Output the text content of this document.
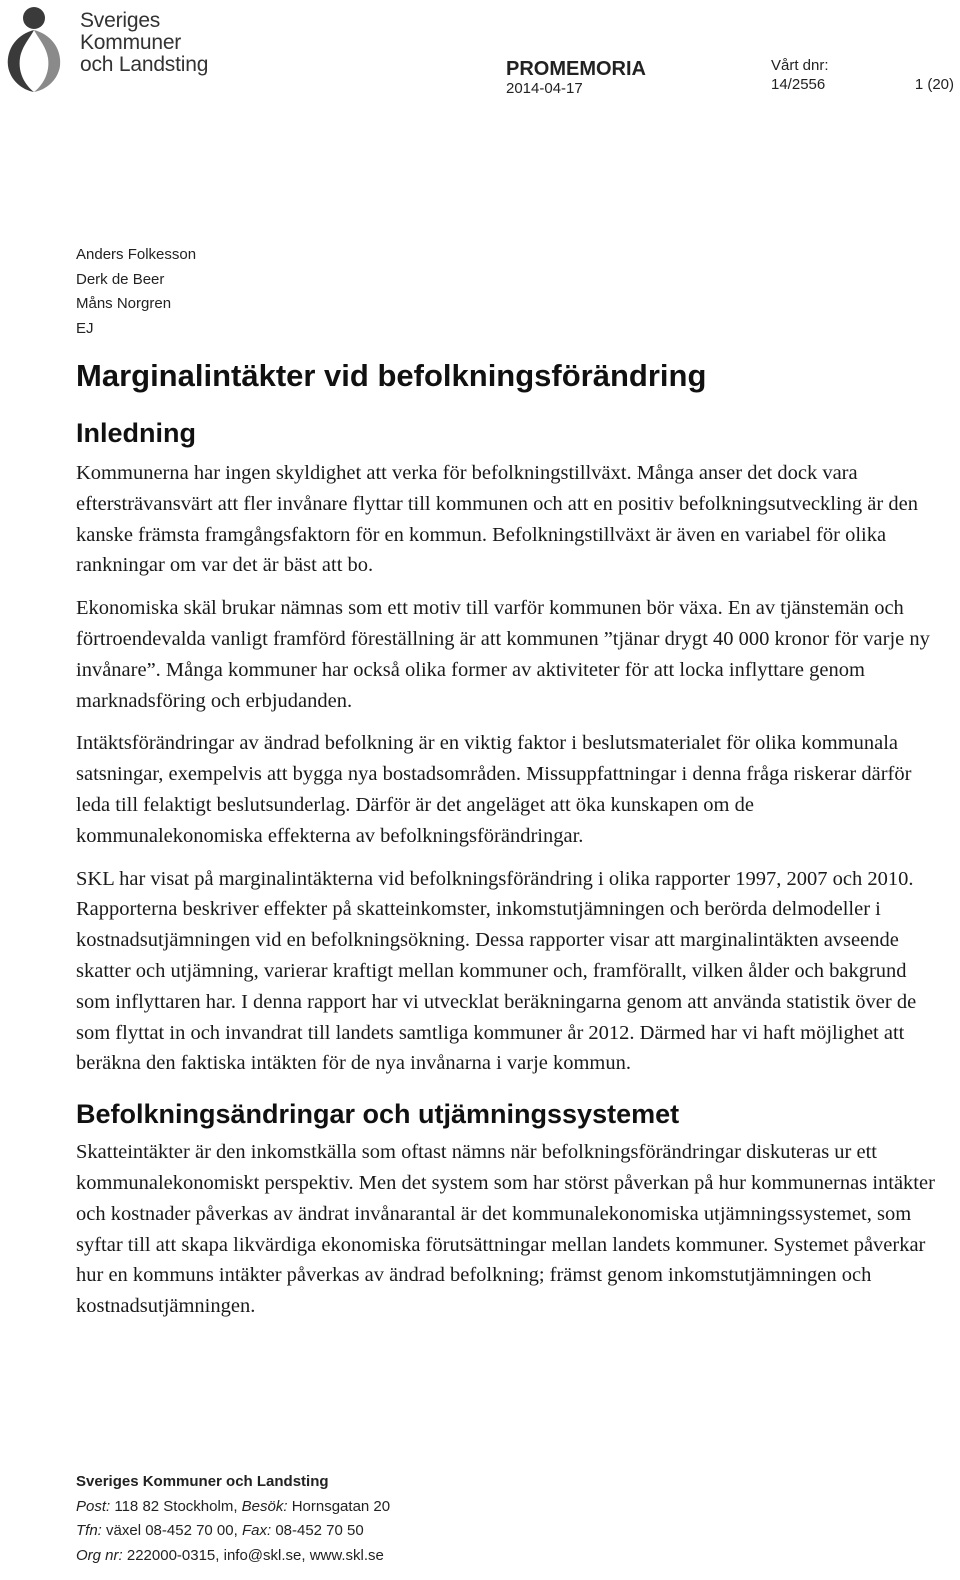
Sveriges
Kommuner
och Landsting	PROMEMORIA
2014-04-17
Vårt dnr:
14/2556	1 (20)
Anders Folkesson
Derk de Beer
Måns Norgren
EJ
Marginalintäkter vid befolkningsförändring
Inledning

Kommunerna har ingen skyldighet att verka för befolkningstillväxt. Många anser det dock vara eftersträvansvärt att fler invånare flyttar till kommunen och att en positiv befolkningsutveckling är den kanske främsta framgångsfaktorn för en kommun. Befolkningstillväxt är även en variabel för olika rankningar om var det är bäst att bo.

Ekonomiska skäl brukar nämnas som ett motiv till varför kommunen bör växa. En av tjänstemän och förtroendevalda vanligt framförd föreställning är att kommunen ”tjänar drygt 40 000 kronor för varje ny invånare”. Många kommuner har också olika former av aktiviteter för att locka inflyttare genom marknadsföring och erbjudanden.

Intäktsförändringar av ändrad befolkning är en viktig faktor i beslutsmaterialet för olika kommunala satsningar, exempelvis att bygga nya bostadsområden. Missuppfattningar i denna fråga riskerar därför leda till felaktigt beslutsunderlag. Därför är det angeläget att öka kunskapen om de kommunalekonomiska effekterna av befolkningsförändringar.

SKL har visat på marginalintäkterna vid befolkningsförändring i olika rapporter 1997, 2007 och 2010. Rapporterna beskriver effekter på skatteinkomster, inkomstutjämningen och berörda delmodeller i kostnadsutjämningen vid en befolkningsökning. Dessa rapporter visar att marginalintäkten avseende skatter och utjämning, varierar kraftigt mellan kommuner och, framförallt, vilken ålder och bakgrund som inflyttaren har. I denna rapport har vi utvecklat beräkningarna genom att använda statistik över de som flyttat in och invandrat till landets samtliga kommuner år 2012. Därmed har vi haft möjlighet att beräkna den faktiska intäkten för de nya invånarna i varje kommun.

Befolkningsändringar och utjämningssystemet

Skatteintäkter är den inkomstkälla som oftast nämns när befolkningsförändringar diskuteras ur ett kommunalekonomiskt perspektiv. Men det system som har störst påverkan på hur kommunernas intäkter och kostnader påverkas av ändrat invånarantal är det kommunalekonomiska utjämningssystemet, som syftar till att skapa likvärdiga ekonomiska förutsättningar mellan landets kommuner. Systemet påverkar hur en kommuns intäkter påverkas av ändrad befolkning; främst genom inkomstutjämningen och kostnadsutjämningen.

Sveriges Kommuner och Landsting
Post: 118 82 Stockholm, Besök: Hornsgatan 20
Tfn: växel 08-452 70 00, Fax: 08-452 70 50
Org nr: 222000-0315, info@skl.se, www.skl.se
